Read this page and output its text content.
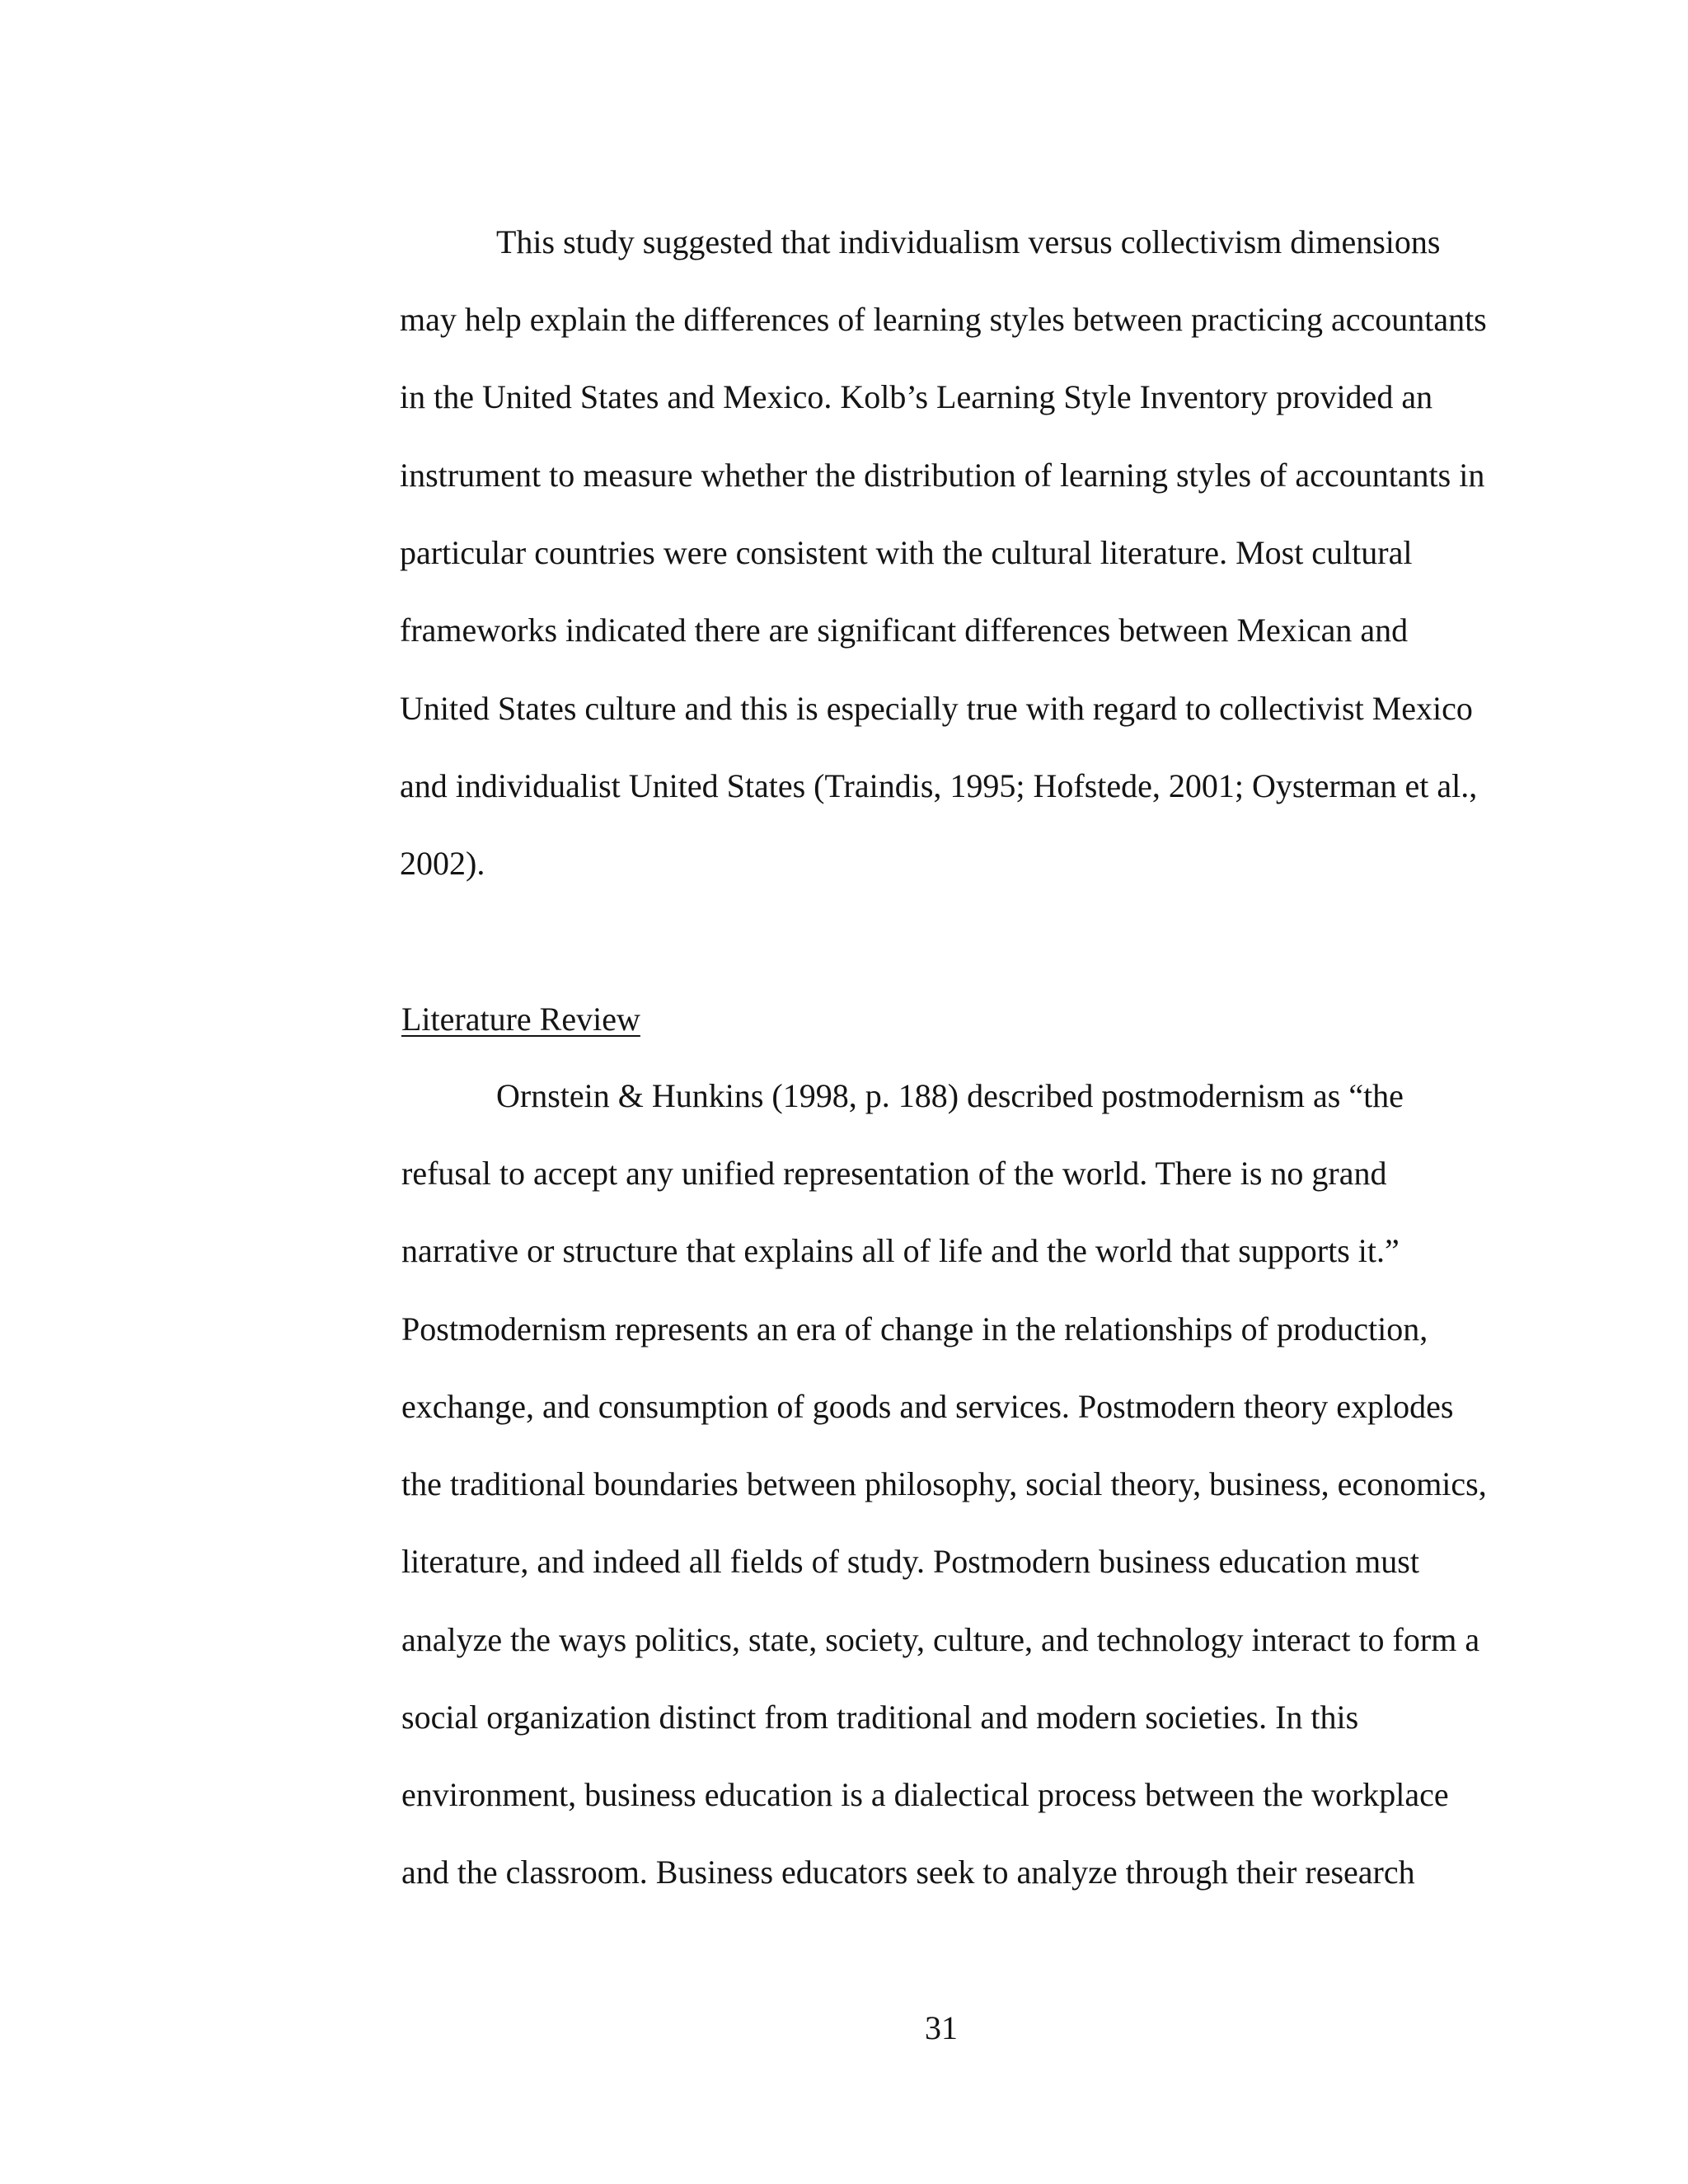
This study suggested that individualism versus collectivism dimensions

may help explain the differences of learning styles between practicing accountants

in the United States and Mexico. Kolb’s Learning Style Inventory provided an

instrument to measure whether the distribution of learning styles of accountants in

particular countries were consistent with the cultural literature. Most cultural

frameworks indicated there are significant differences between Mexican and

United States culture and this is especially true with regard to collectivist Mexico

and individualist United States (Traindis, 1995; Hofstede, 2001; Oysterman et al.,

2002).

Literature Review

Ornstein & Hunkins (1998, p. 188) described postmodernism as “the

refusal to accept any unified representation of the world. There is no grand

narrative or structure that explains all of life and the world that supports it.”

Postmodernism represents an era of change in the relationships of production,

exchange, and consumption of goods and services. Postmodern theory explodes

the traditional boundaries between philosophy, social theory, business, economics,

literature, and indeed all fields of study. Postmodern business education must

analyze the ways politics, state, society, culture, and technology interact to form a

social organization distinct from traditional and modern societies. In this

environment, business education is a dialectical process between the workplace

and the classroom. Business educators seek to analyze through their research

31
